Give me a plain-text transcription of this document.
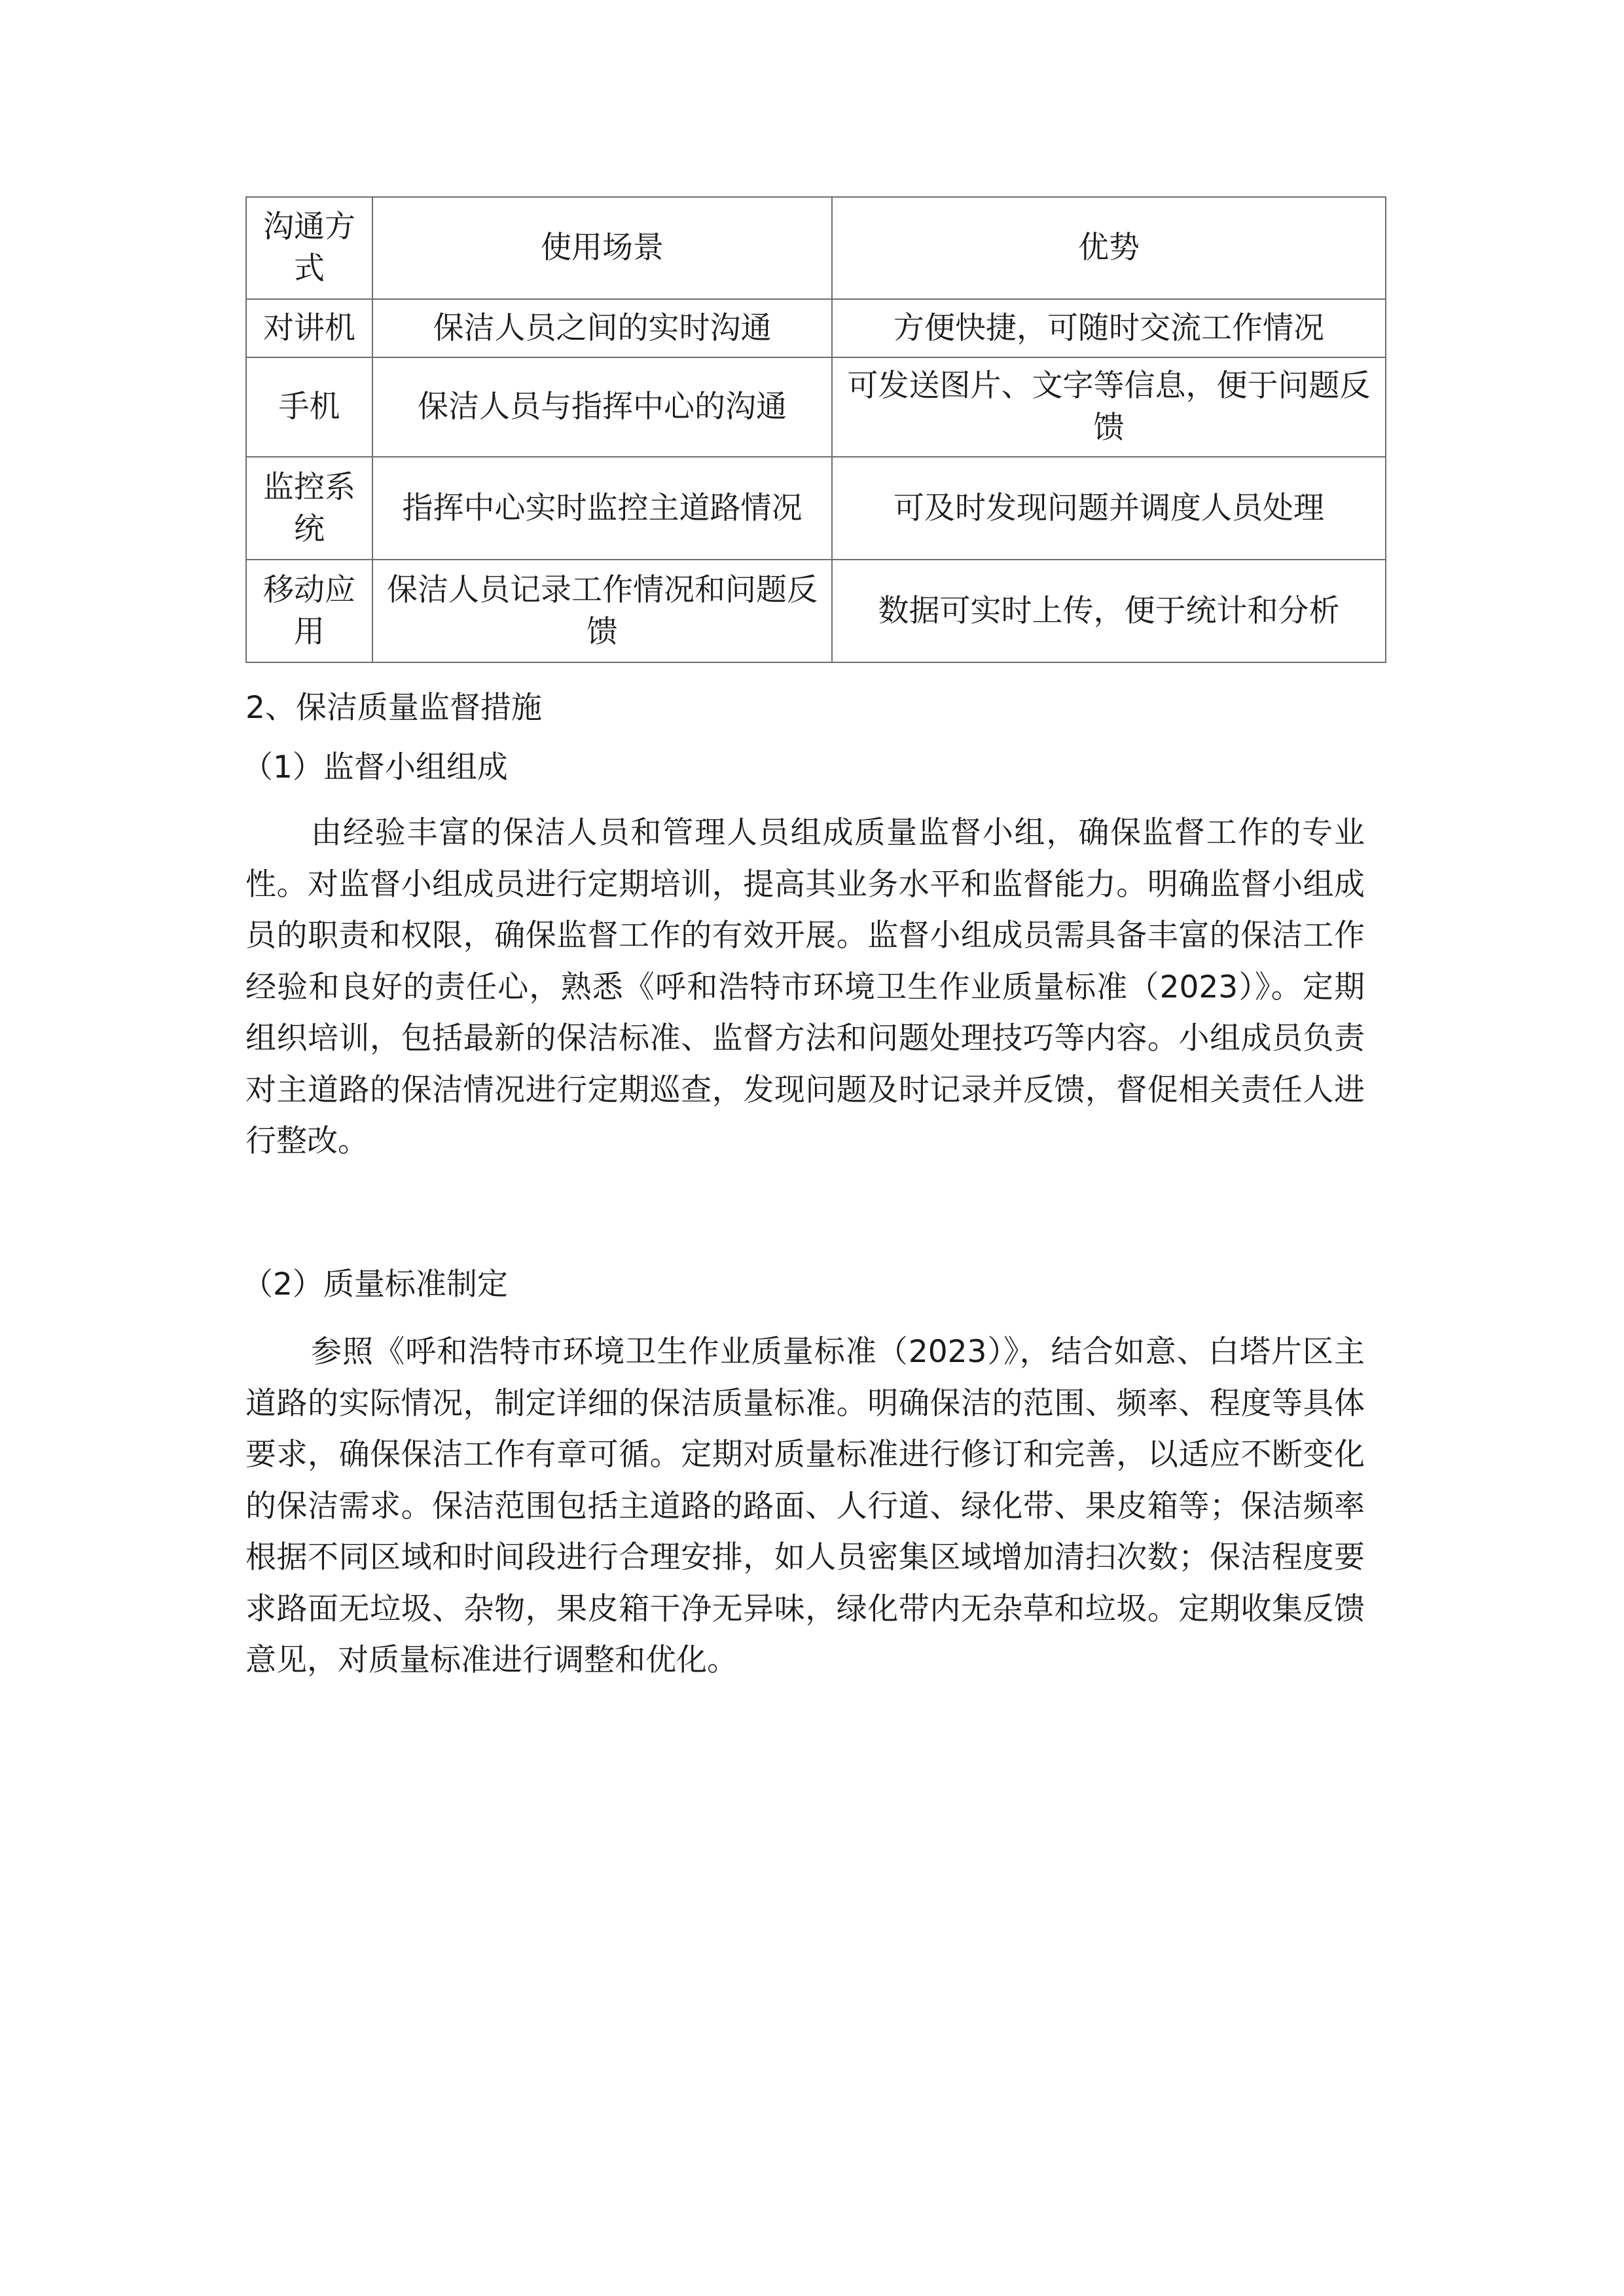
沟通方式	使用场景	优势
对讲机	保洁人员之间的实时沟通	方便快捷，可随时交流工作情况
手机	保洁人员与指挥中心的沟通	可发送图片、文字等信息，便于问题反馈
监控系统	指挥中心实时监控主道路情况	可及时发现问题并调度人员处理
移动应用	保洁人员记录工作情况和问题反馈	数据可实时上传，便于统计和分析
2、保洁质量监督措施
（1）监督小组组成

由经验丰富的保洁人员和管理人员组成质量监督小组，确保监督工作的专业性。对监督小组成员进行定期培训，提高其业务水平和监督能力。明确监督小组成员的职责和权限，确保监督工作的有效开展。监督小组成员需具备丰富的保洁工作经验和良好的责任心，熟悉《呼和浩特市环境卫生作业质量标准（2023）》。定期组织培训，包括最新的保洁标准、监督方法和问题处理技巧等内容。小组成员负责对主道路的保洁情况进行定期巡查，发现问题及时记录并反馈，督促相关责任人进行整改。

（2）质量标准制定

参照《呼和浩特市环境卫生作业质量标准（2023）》，结合如意、白塔片区主道路的实际情况，制定详细的保洁质量标准。明确保洁的范围、频率、程度等具体要求，确保保洁工作有章可循。定期对质量标准进行修订和完善，以适应不断变化的保洁需求。保洁范围包括主道路的路面、人行道、绿化带、果皮箱等；保洁频率根据不同区域和时间段进行合理安排，如人员密集区域增加清扫次数；保洁程度要求路面无垃圾、杂物，果皮箱干净无异味，绿化带内无杂草和垃圾。定期收集反馈意见，对质量标准进行调整和优化。
